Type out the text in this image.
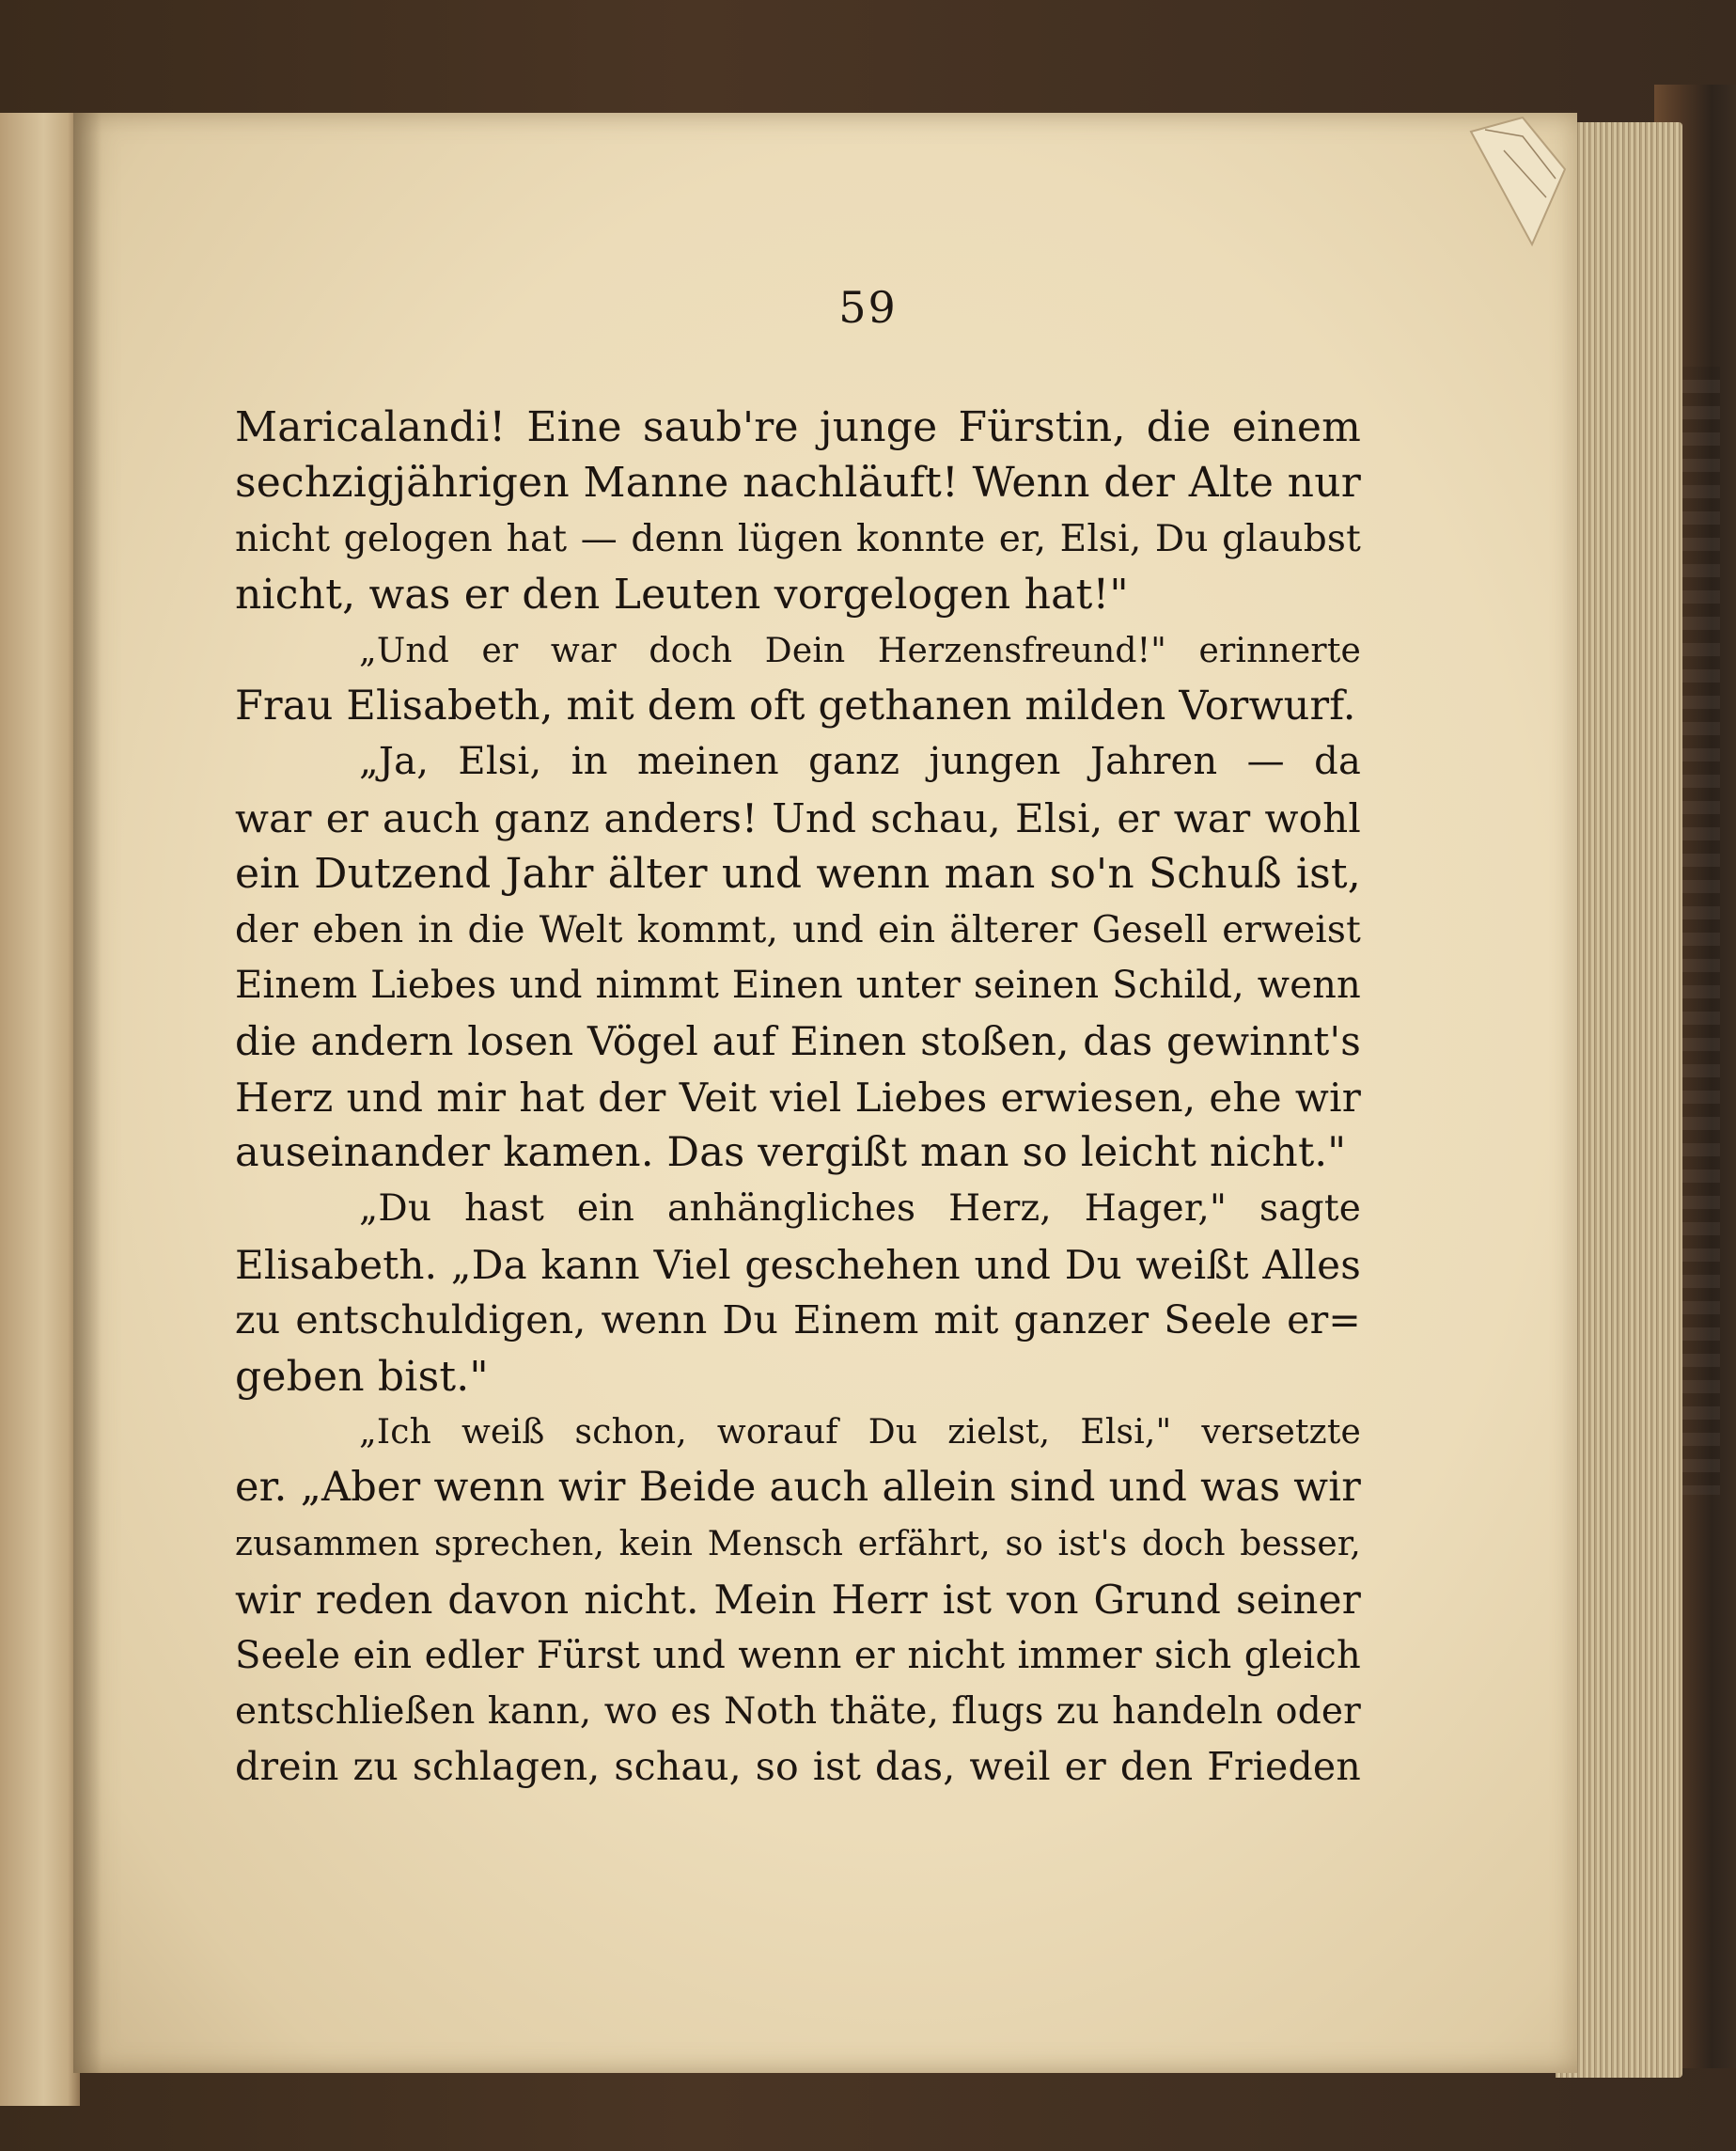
59
Maricalandi! Eine saub're junge Fürstin, die einem
sechzigjährigen Manne nachläuft! Wenn der Alte nur
nicht gelogen hat — denn lügen konnte er, Elsi, Du glaubst
nicht, was er den Leuten vorgelogen hat!"
„Und er war doch Dein Herzensfreund!" erinnerte
Frau Elisabeth, mit dem oft gethanen milden Vorwurf.
„Ja, Elsi, in meinen ganz jungen Jahren — da
war er auch ganz anders! Und schau, Elsi, er war wohl
ein Dutzend Jahr älter und wenn man so'n Schuß ist,
der eben in die Welt kommt, und ein älterer Gesell erweist
Einem Liebes und nimmt Einen unter seinen Schild, wenn
die andern losen Vögel auf Einen stoßen, das gewinnt's
Herz und mir hat der Veit viel Liebes erwiesen, ehe wir
auseinander kamen. Das vergißt man so leicht nicht."
„Du hast ein anhängliches Herz, Hager," sagte
Elisabeth. „Da kann Viel geschehen und Du weißt Alles
zu entschuldigen, wenn Du Einem mit ganzer Seele er=
geben bist."
„Ich weiß schon, worauf Du zielst, Elsi," versetzte
er. „Aber wenn wir Beide auch allein sind und was wir
zusammen sprechen, kein Mensch erfährt, so ist's doch besser,
wir reden davon nicht. Mein Herr ist von Grund seiner
Seele ein edler Fürst und wenn er nicht immer sich gleich
entschließen kann, wo es Noth thäte, flugs zu handeln oder
drein zu schlagen, schau, so ist das, weil er den Frieden
